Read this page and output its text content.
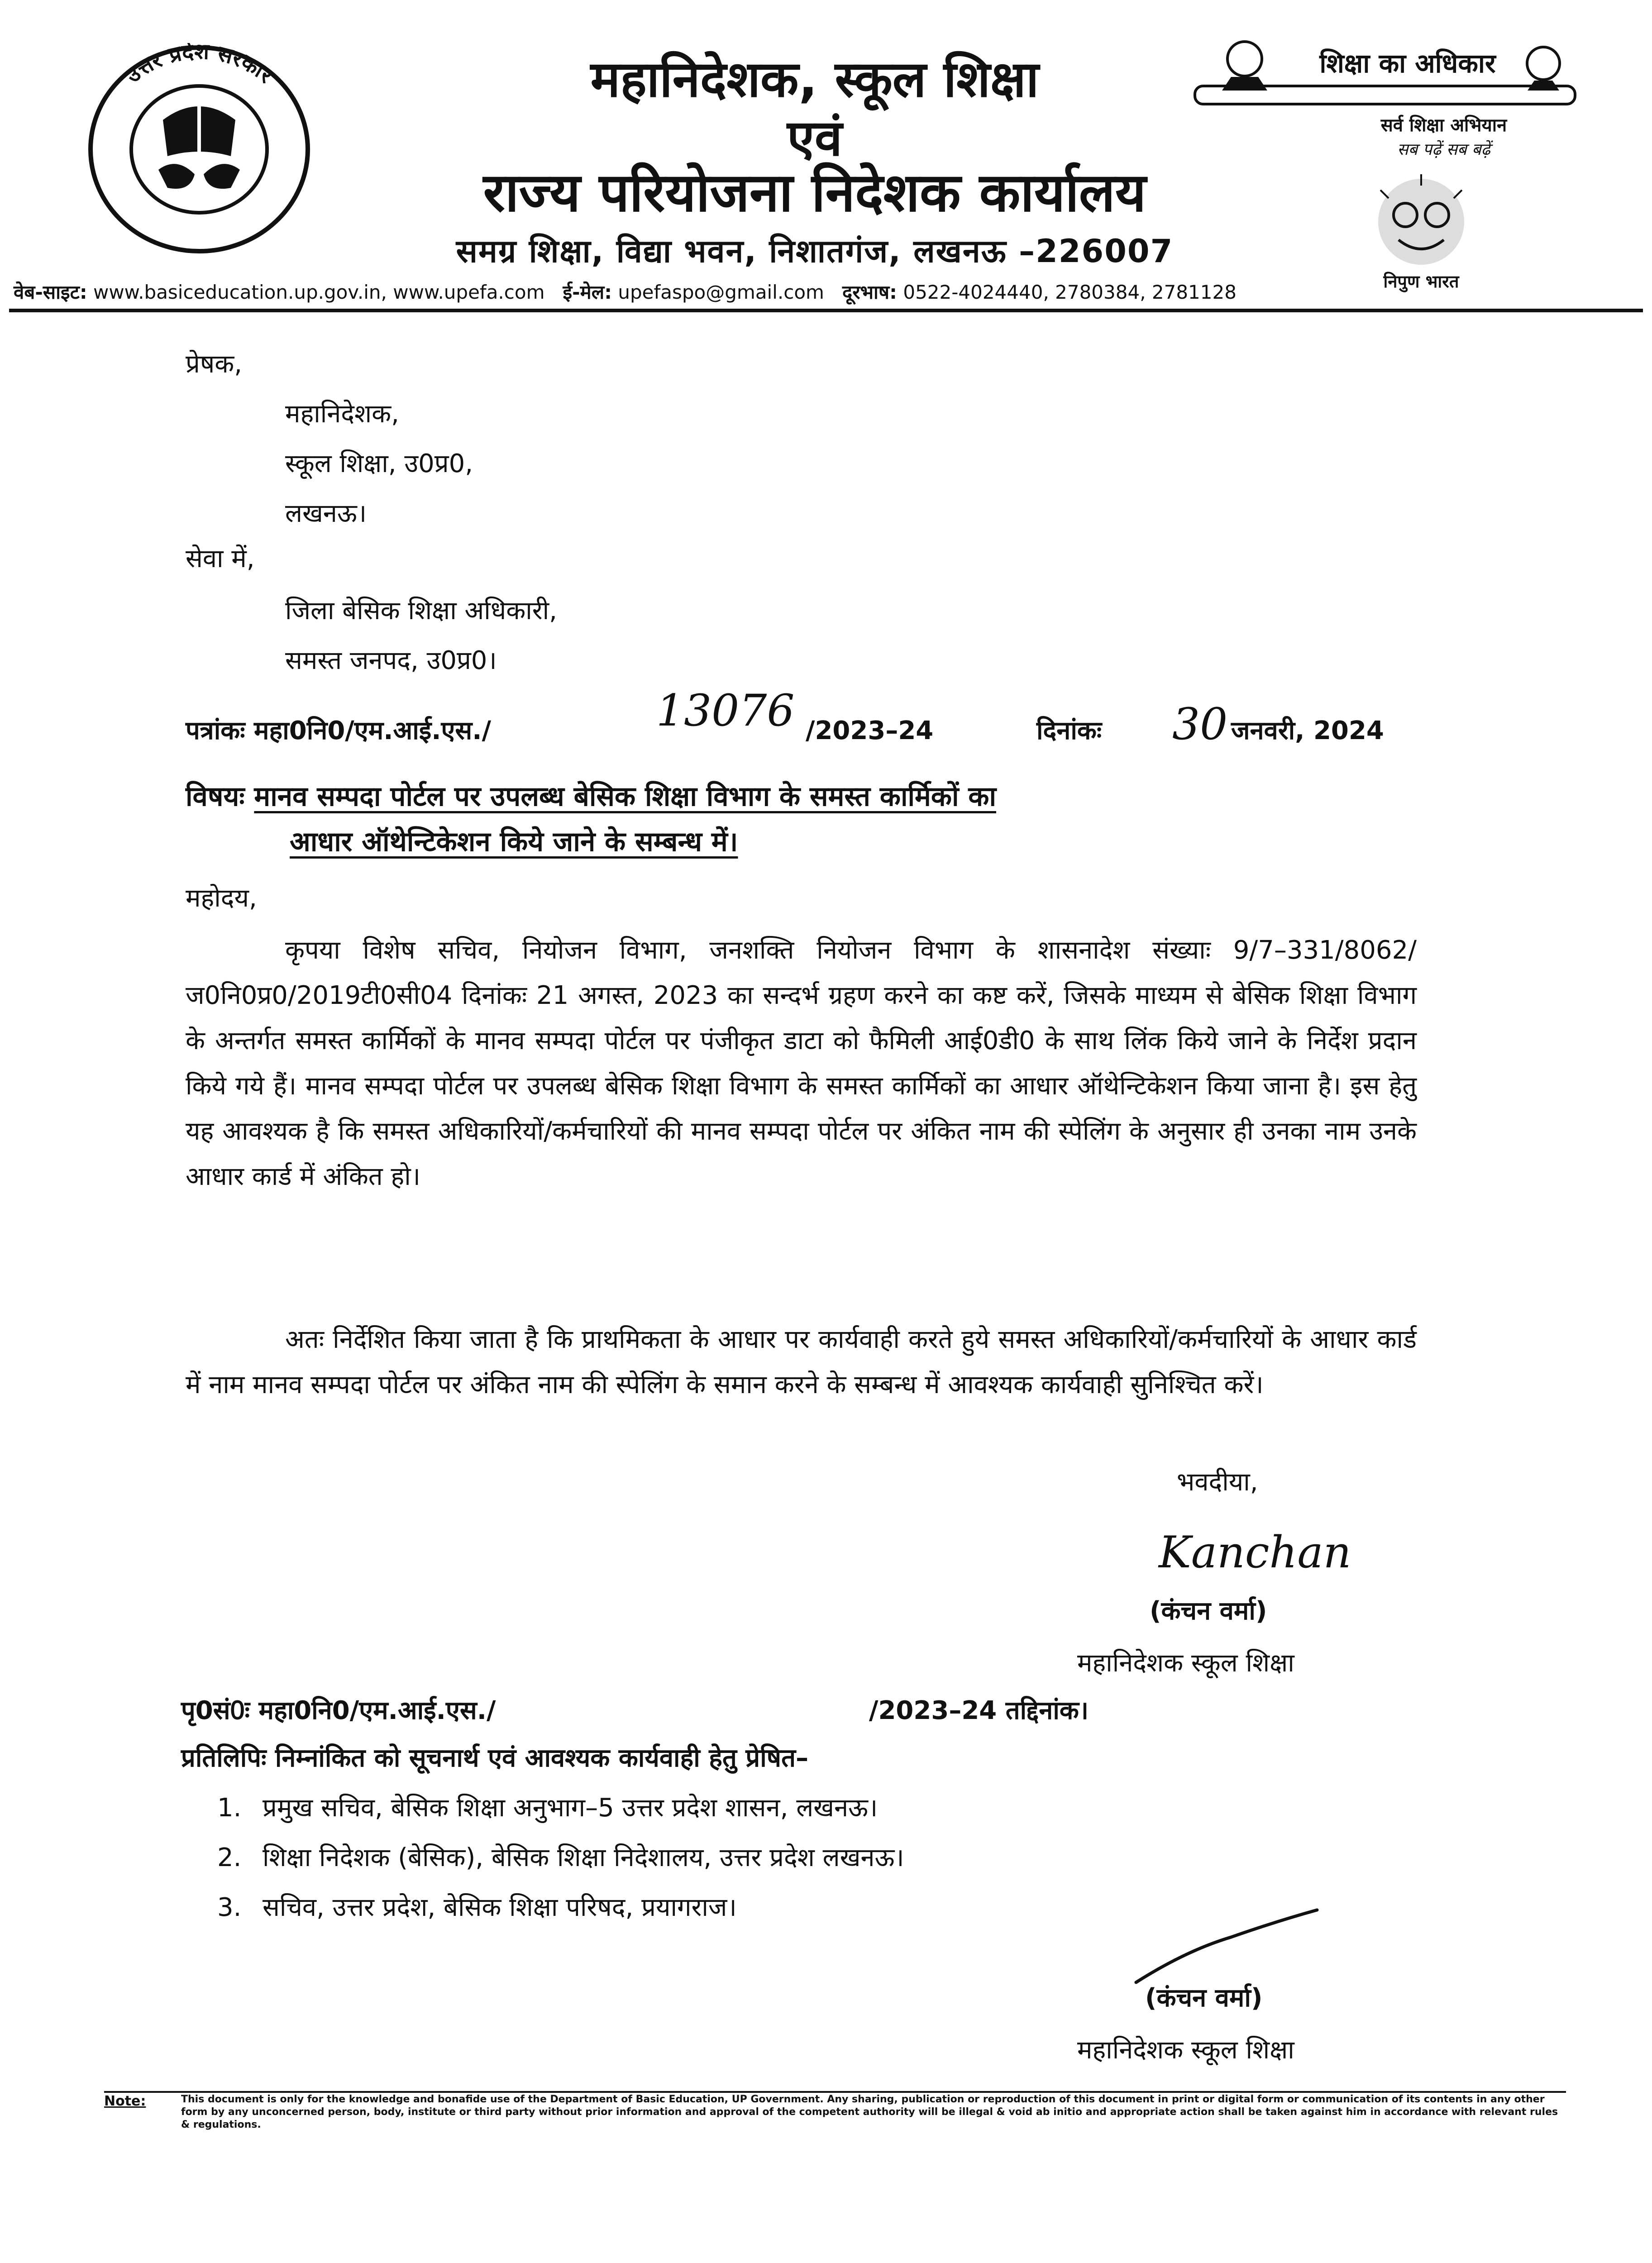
उत्तर प्रदेश सरकार	महानिदेशक, स्कूल शिक्षा
एवं
राज्य परियोजना निदेशक कार्यालय
समग्र शिक्षा, विद्या भवन, निशातगंज, लखनऊ –226007
शिक्षा का अधिकार
सर्व शिक्षा अभियान
सब पढ़ें सब बढ़ें
निपुण भारत
वेब-साइट: www.basiceducation.up.gov.in, www.upefa.com ई-मेल: upefaspo@gmail.com दूरभाष: 0522-4024440, 2780384, 2781128
प्रेषक,
महानिदेशक,
स्कूल शिक्षा, उ0प्र0,
लखनऊ।
सेवा में,
जिला बेसिक शिक्षा अधिकारी,
समस्त जनपद, उ0प्र0।
पत्रांकः महा0नि0/एम.आई.एस./	13076 /2023–24	दिनांकः 30 जनवरी, 2024
विषयः मानव सम्पदा पोर्टल पर उपलब्ध बेसिक शिक्षा विभाग के समस्त कार्मिकों का
आधार ऑथेन्टिकेशन किये जाने के सम्बन्ध में।
महोदय,
कृपया विशेष सचिव, नियोजन विभाग, जनशक्ति नियोजन विभाग के शासनादेश संख्याः 9/7–331/8062/ज0नि0प्र0/2019टी0सी04 दिनांकः 21 अगस्त, 2023 का सन्दर्भ ग्रहण करने का कष्ट करें, जिसके माध्यम से बेसिक शिक्षा विभाग के अन्तर्गत समस्त कार्मिकों के मानव सम्पदा पोर्टल पर पंजीकृत डाटा को फैमिली आई0डी0 के साथ लिंक किये जाने के निर्देश प्रदान किये गये हैं। मानव सम्पदा पोर्टल पर उपलब्ध बेसिक शिक्षा विभाग के समस्त कार्मिकों का आधार ऑथेन्टिकेशन किया जाना है। इस हेतु यह आवश्यक है कि समस्त अधिकारियों/कर्मचारियों की मानव सम्पदा पोर्टल पर अंकित नाम की स्पेलिंग के अनुसार ही उनका नाम उनके आधार कार्ड में अंकित हो।
अतः निर्देशित किया जाता है कि प्राथमिकता के आधार पर कार्यवाही करते हुये समस्त अधिकारियों/कर्मचारियों के आधार कार्ड में नाम मानव सम्पदा पोर्टल पर अंकित नाम की स्पेलिंग के समान करने के सम्बन्ध में आवश्यक कार्यवाही सुनिश्चित करें।
भवदीया,
Kanchan
(कंचन वर्मा)
महानिदेशक स्कूल शिक्षा
पृ0सं0ः महा0नि0/एम.आई.एस./	/2023–24 तद्दिनांक।
प्रतिलिपिः निम्नांकित को सूचनार्थ एवं आवश्यक कार्यवाही हेतु प्रेषित–
1. प्रमुख सचिव, बेसिक शिक्षा अनुभाग–5 उत्तर प्रदेश शासन, लखनऊ।
2. शिक्षा निदेशक (बेसिक), बेसिक शिक्षा निदेशालय, उत्तर प्रदेश लखनऊ।
3. सचिव, उत्तर प्रदेश, बेसिक शिक्षा परिषद, प्रयागराज।
(कंचन वर्मा)
महानिदेशक स्कूल शिक्षा
Note:	This document is only for the knowledge and bonafide use of the Department of Basic Education, UP Government. Any sharing, publication or reproduction of this document in print or digital form or communication of its contents in any other form by any unconcerned person, body, institute or third party without prior information and approval of the competent authority will be illegal & void ab initio and appropriate action shall be taken against him in accordance with relevant rules & regulations.
